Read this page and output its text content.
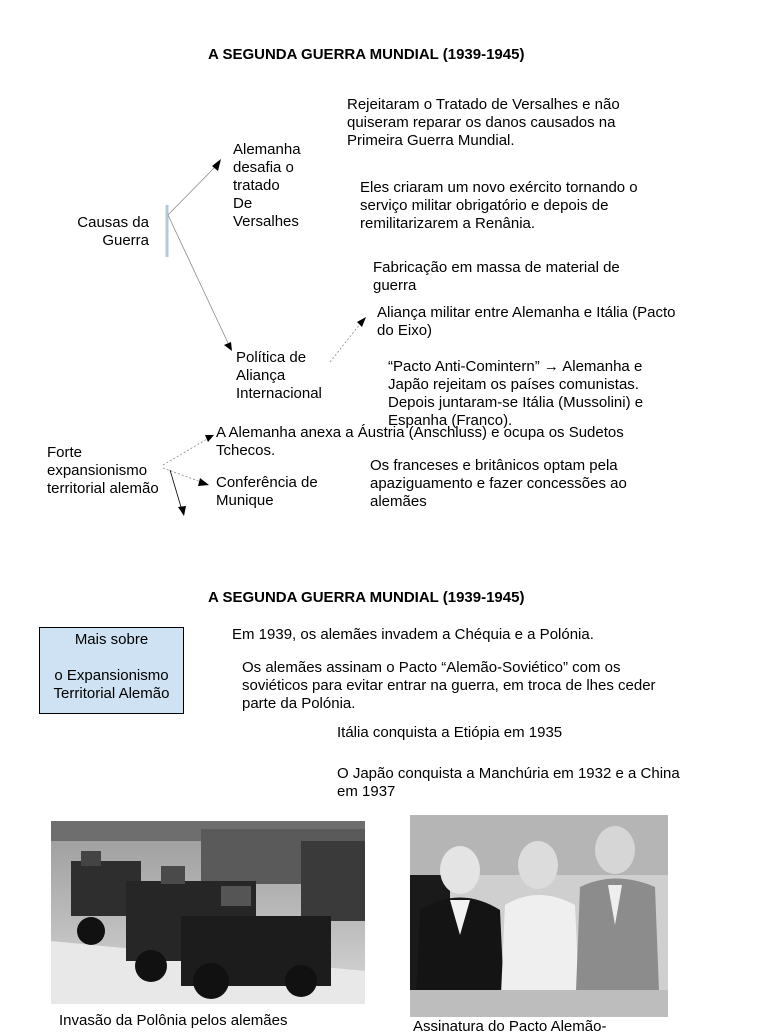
A SEGUNDA GUERRA MUNDIAL (1939-1945)
Causas da
Guerra
Alemanha
desafia o
tratado
De
Versalhes
Política de
Aliança
Internacional
Rejeitaram o Tratado de Versalhes e não
quiseram reparar os danos causados na
Primeira Guerra Mundial.
Eles criaram um novo exército tornando o
serviço militar obrigatório e depois de
remilitarizarem a Renânia.
Fabricação em massa de material de
guerra
Aliança militar entre Alemanha e Itália (Pacto
do Eixo)
“Pacto Anti-Comintern” → Alemanha e
Japão rejeitam os países comunistas.
Depois juntaram-se Itália (Mussolini) e
Espanha (Franco).
Forte
expansionismo
territorial alemão
A Alemanha anexa a Áustria (Anschluss) e ocupa os Sudetos
Tchecos.
Conferência de
Munique
Os franceses e britânicos optam pela
apaziguamento e fazer concessões ao
alemães
A SEGUNDA GUERRA MUNDIAL (1939-1945)
Mais sobre

o Expansionismo
Territorial Alemão
Em 1939, os alemães invadem a Chéquia e a Polónia.
Os alemães assinam o Pacto “Alemão-Soviético” com os
soviéticos para evitar entrar na guerra, em troca de lhes ceder
parte da Polónia.
Itália conquista a Etiópia em 1935
O Japão conquista a Manchúria em 1932 e a China
em 1937
Invasão da Polônia pelos alemães	Assinatura do Pacto Alemão-
